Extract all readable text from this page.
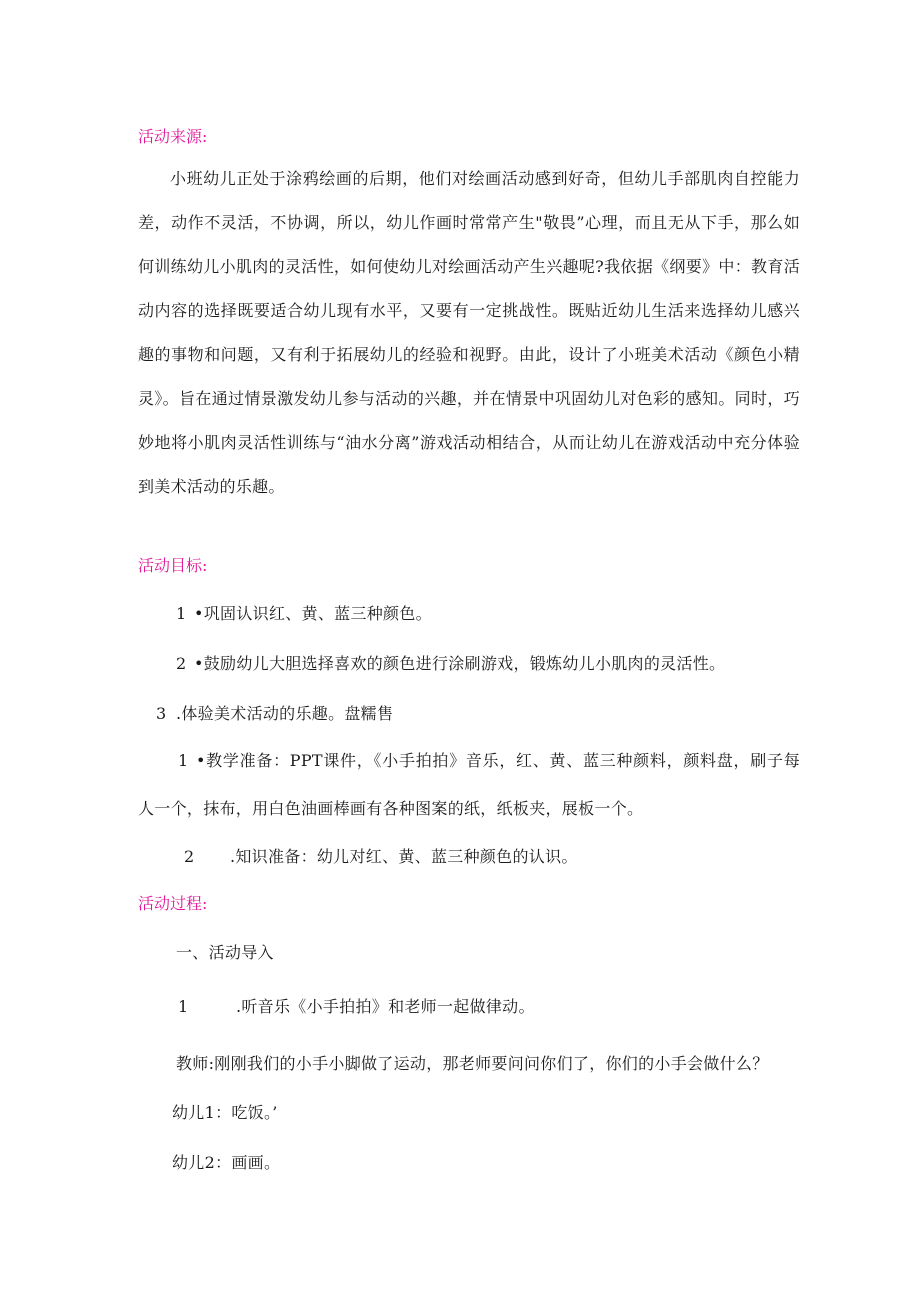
活动来源:

小班幼儿正处于涂鸦绘画的后期，他们对绘画活动感到好奇，但幼儿手部肌肉自控能力差，动作不灵活，不协调，所以，幼儿作画时常常产生"敬畏”心理，而且无从下手，那么如何训练幼儿小肌肉的灵活性，如何使幼儿对绘画活动产生兴趣呢?我依据《纲要》中：教育活动内容的选择既要适合幼儿现有水平，又要有一定挑战性。既贴近幼儿生活来选择幼儿感兴趣的事物和问题，又有利于拓展幼儿的经验和视野。由此，设计了小班美术活动《颜色小精灵》。旨在通过情景激发幼儿参与活动的兴趣，并在情景中巩固幼儿对色彩的感知。同时，巧妙地将小肌肉灵活性训练与“油水分离”游戏活动相结合，从而让幼儿在游戏活动中充分体验到美术活动的乐趣。

活动目标:
1 •巩固认识红、黄、蓝三种颜色。
2 •鼓励幼儿大胆选择喜欢的颜色进行涂刷游戏，锻炼幼儿小肌肉的灵活性。
3 .体验美术活动的乐趣。盘糯售

1 •教学准备：PPT课件，《小手拍拍》音乐，红、黄、蓝三种颜料，颜料盘，刷子每人一个，抹布，用白色油画棒画有各种图案的纸，纸板夹，展板一个。

2 .知识准备：幼儿对红、黄、蓝三种颜色的认识。
活动过程:
一、活动导入
1	.听音乐《小手拍拍》和老师一起做律动。
教师:刚刚我们的小手小脚做了运动，那老师要问问你们了，你们的小手会做什么？
幼儿1：吃饭。’
幼儿2：画画。
